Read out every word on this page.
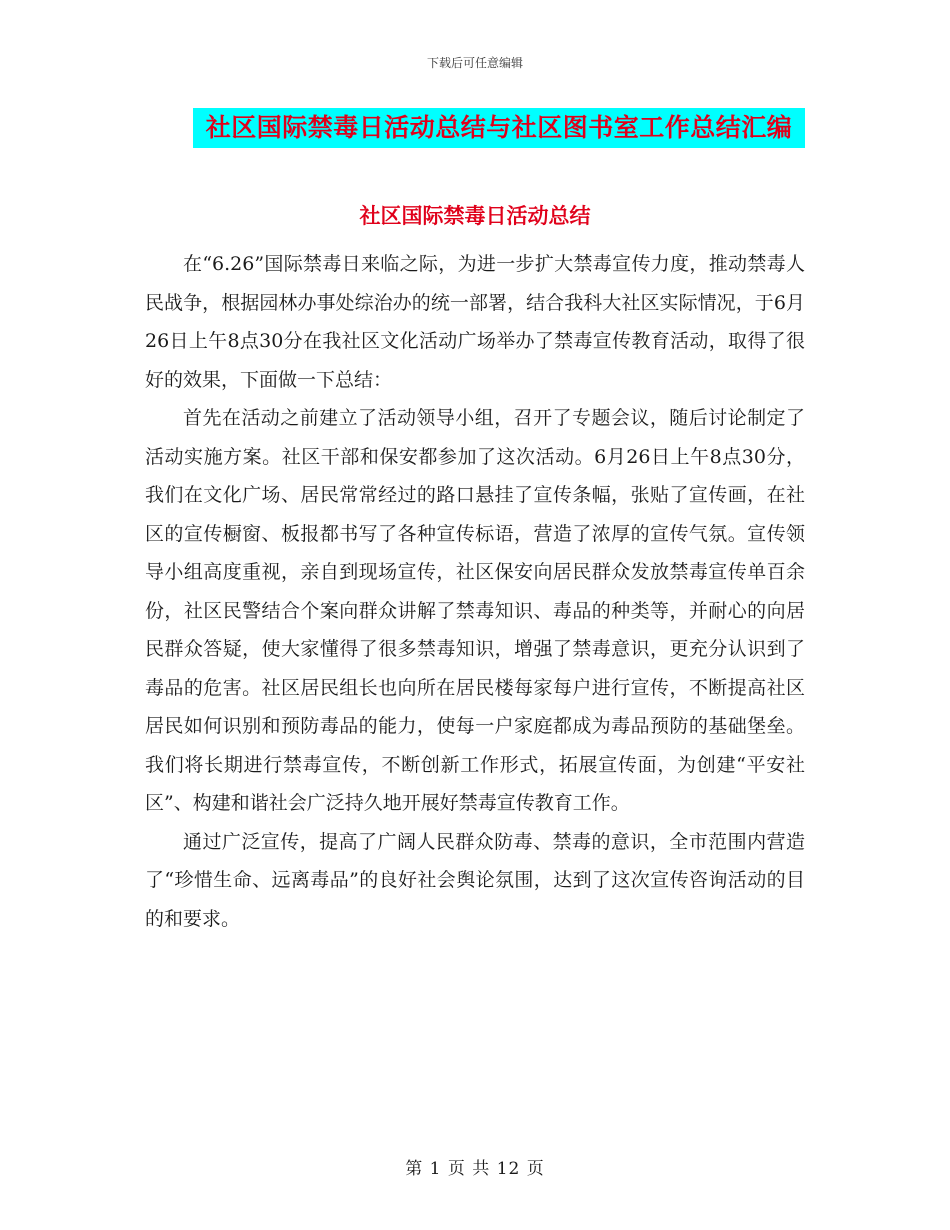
下载后可任意编辑
社区国际禁毒日活动总结与社区图书室工作总结汇编
社区国际禁毒日活动总结

在“6.26”国际禁毒日来临之际，为进一步扩大禁毒宣传力度，推动禁毒人民战争，根据园林办事处综治办的统一部署，结合我科大社区实际情况，于6月26日上午8点30分在我社区文化活动广场举办了禁毒宣传教育活动，取得了很好的效果，下面做一下总结：

首先在活动之前建立了活动领导小组，召开了专题会议，随后讨论制定了活动实施方案。社区干部和保安都参加了这次活动。6月26日上午8点30分，我们在文化广场、居民常常经过的路口悬挂了宣传条幅，张贴了宣传画，在社区的宣传橱窗、板报都书写了各种宣传标语，营造了浓厚的宣传气氛。宣传领导小组高度重视，亲自到现场宣传，社区保安向居民群众发放禁毒宣传单百余份，社区民警结合个案向群众讲解了禁毒知识、毒品的种类等，并耐心的向居民群众答疑，使大家懂得了很多禁毒知识，增强了禁毒意识，更充分认识到了毒品的危害。社区居民组长也向所在居民楼每家每户进行宣传，不断提高社区居民如何识别和预防毒品的能力，使每一户家庭都成为毒品预防的基础堡垒。我们将长期进行禁毒宣传，不断创新工作形式，拓展宣传面，为创建“平安社区”、构建和谐社会广泛持久地开展好禁毒宣传教育工作。

通过广泛宣传，提高了广阔人民群众防毒、禁毒的意识，全市范围内营造了“珍惜生命、远离毒品”的良好社会舆论氛围，达到了这次宣传咨询活动的目的和要求。

第 1 页 共 12 页
